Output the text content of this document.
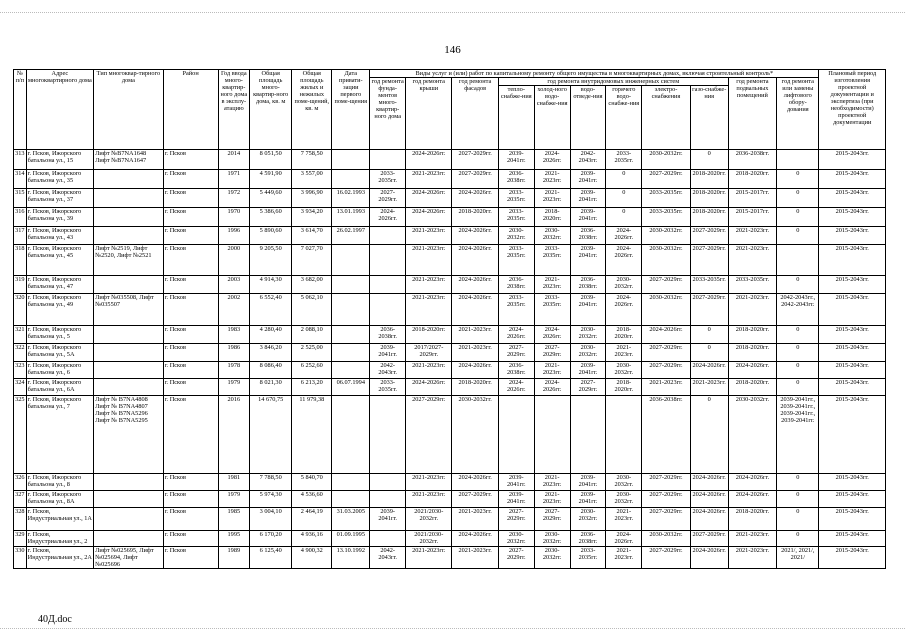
146
№ п/п	Адрес многоквартирного дома	Тип многоквар-тирного дома	Район	Год ввода много-квартир-ного дома в эксплу-атацию	Общая площадь много-квартир-ного дома, кв. м	Общая площадь жилых и нежилых поме-щений, кв. м	Дата привати-зации первого поме-щения	Виды услуг и (или) работ по капитальному ремонту общего имущества в многоквартирных домах, включая строительный контроль*											Плановый период изготовления проектной документации и экспертиза (при необходимости) проектной документации
								год ремонта фунда-ментов много-квартир-ного дома	год ремонта крыши	год ремонта фасадов	год ремонта внутридомовых инженерных систем						год ремонта подвальных помещений	год ремонта или замены лифтового обору-дования	
											тепло-снабже-ния	холод-ного водо-снабже-ния	водо-отведе-ния	горячего водо-снабже-ния	электро-снабжения	газо-снабже-ния			
313	г. Псков, Ижорского батальона ул., 15	Лифт №B7NA1648 Лифт №B7NA1647	г. Псков	2014	8 051,50	7 758,50			2024-2026гг.	2027-2029гг.	2039-2041гг.	2024-2026гг.	2042-2043гг.	2033-2035гг.	2030-2032гг.	0	2036-2038гг.		2015-2043гг.
314	г. Псков, Ижорского батальона ул., 35		г. Псков	1971	4 591,90	3 557,00		2033-2035гг.	2021-2023гг.	2027-2029гг.	2036-2038гг.	2021-2023гг.	2039-2041гг.	0	2027-2029гг.	2018-2020гг.	2018-2020гг.	0	2015-2043гг.
315	г. Псков, Ижорского батальона ул., 37		г. Псков	1972	5 449,60	3 996,90	16.02.1993	2027-2029гг.	2024-2026гг.	2024-2026гг.	2033-2035гг.	2021-2023гг.	2039-2041гг.	0	2033-2035гг.	2018-2020гг.	2015-2017гг.	0	2015-2043гг.
316	г. Псков, Ижорского батальона ул., 39		г. Псков	1970	5 386,60	3 934,20	13.01.1993	2024-2026гг.	2024-2026гг.	2018-2020гг.	2033-2035гг.	2018-2020гг.	2039-2041гг.	0	2033-2035гг.	2018-2020гг.	2015-2017гг.	0	2015-2043гг.
317	г. Псков, Ижорского батальона ул., 43		г. Псков	1996	5 890,60	3 614,70	26.02.1997		2021-2023гг.	2024-2026гг.	2030-2032гг.	2030-2032гг.	2036-2038гг.	2024-2026гг.	2030-2032гг.	2027-2029гг.	2021-2023гг.	0	2015-2043гг.
318	г. Псков, Ижорского батальона ул., 45	Лифт №2519, Лифт №2520, Лифт №2521	г. Псков	2000	9 205,50	7 027,70			2021-2023гг.	2024-2026гг.	2033-2035гг.	2033-2035гг.	2039-2041гг.	2024-2026гг.	2030-2032гг.	2027-2029гг.	2021-2023гг.		2015-2043гг.
319	г. Псков, Ижорского батальона ул., 47		г. Псков	2003	4 914,30	3 682,00			2021-2023гг.	2024-2026гг.	2036-2038гг.	2021-2023гг.	2036-2038гг.	2030-2032гг.	2027-2029гг.	2033-2035гг.	2033-2035гг.	0	2015-2043гг.
320	г. Псков, Ижорского батальона ул., 49	Лифт №035508, Лифт №035507	г. Псков	2002	6 552,40	5 062,10			2021-2023гг.	2024-2026гг.	2033-2035гг.	2033-2035гг.	2039-2041гг.	2024-2026гг.	2030-2032гг.	2027-2029гг.	2021-2023гг.	2042-2043гг., 2042-2043гг.	2015-2043гг.
321	г. Псков, Ижорского батальона ул., 5		г. Псков	1983	4 280,40	2 088,10		2036-2038гг.	2018-2020гг.	2021-2023гг.	2024-2026гг.	2024-2026гг.	2030-2032гг.	2018-2020гг.	2024-2026гг.	0	2018-2020гг.	0	2015-2043гг.
322	г. Псков, Ижорского батальона ул., 5А		г. Псков	1986	3 846,20	2 525,00		2039-2041гг.	2017/2027-2029гг.	2021-2023гг.	2027-2029гг.	2027-2029гг.	2030-2032гг.	2021-2023гг.	2027-2029гг.	0	2018-2020гг.	0	2015-2043гг.
323	г. Псков, Ижорского батальона ул., 6		г. Псков	1978	8 086,40	6 252,60		2042-2043гг.	2021-2023гг.	2024-2026гг.	2036-2038гг.	2021-2023гг.	2039-2041гг.	2030-2032гг.	2027-2029гг.	2024-2026гг.	2024-2026гг.	0	2015-2043гг.
324	г. Псков, Ижорского батальона ул., 6А		г. Псков	1979	8 021,30	6 213,20	06.07.1994	2033-2035гг.	2024-2026гг.	2018-2020гг.	2024-2026гг.	2024-2026гг.	2027-2029гг.	2018-2020гг.	2021-2023гг.	2021-2023гг.	2018-2020гг.	0	2015-2043гг.
325	г. Псков, Ижорского батальона ул., 7	Лифт № B7NA4808 Лифт № B7NA4807 Лифт № B7NA5296 Лифт № B7NA5295	г. Псков	2016	14 670,75	11 979,38			2027-2029гг.	2030-2032гг.					2036-2038гг.	0	2030-2032гг.	2039-2041гг., 2039-2041гг., 2039-2041гг., 2039-2041гг.	2015-2043гг.
326	г. Псков, Ижорского батальона ул., 8		г. Псков	1981	7 788,50	5 840,70			2021-2023гг.	2024-2026гг.	2039-2041гг.	2021-2023гг.	2039-2041гг.	2030-2032гг.	2027-2029гг.	2024-2026гг.	2024-2026гг.	0	2015-2043гг.
327	г. Псков, Ижорского батальона ул., 8А		г. Псков	1979	5 974,30	4 536,60			2021-2023гг.	2027-2029гг.	2039-2041гг.	2021-2023гг.	2039-2041гг.	2030-2032гг.	2027-2029гг.	2024-2026гг.	2024-2026гг.	0	2015-2043гг.
328	г. Псков, Индустриальная ул., 1А		г. Псков	1985	3 004,10	2 464,19	31.03.2005	2039-2041гг.	2021/2030-2032гг.	2021-2023гг.	2027-2029гг.	2027-2029гг.	2030-2032гг.	2021-2023гг.	2027-2029гг.	2024-2026гг.	2018-2020гг.	0	2015-2043гг.
329	г. Псков, Индустриальная ул., 2		г. Псков	1995	6 170,20	4 936,16	01.09.1995		2021/2030-2032гг.	2024-2026гг.	2030-2032гг.	2030-2032гг.	2036-2038гг.	2024-2026гг.	2030-2032гг.	2027-2029гг.	2021-2023гг.	0	2015-2043гг.
330	г. Псков, Индустриальная ул., 2А	Лифт №025695, Лифт №025694, Лифт №025696	г. Псков	1989	6 125,40	4 900,32	13.10.1992	2042-2043гг.	2021-2023гг.	2021-2023гг.	2027-2029гг.	2030-2032гг.	2033-2035гг.	2021-2023гг.	2027-2029гг.	2024-2026гг.	2021-2023гг.	2021/, 2021/, 2021/	2015-2043гг.
40Д.doc
